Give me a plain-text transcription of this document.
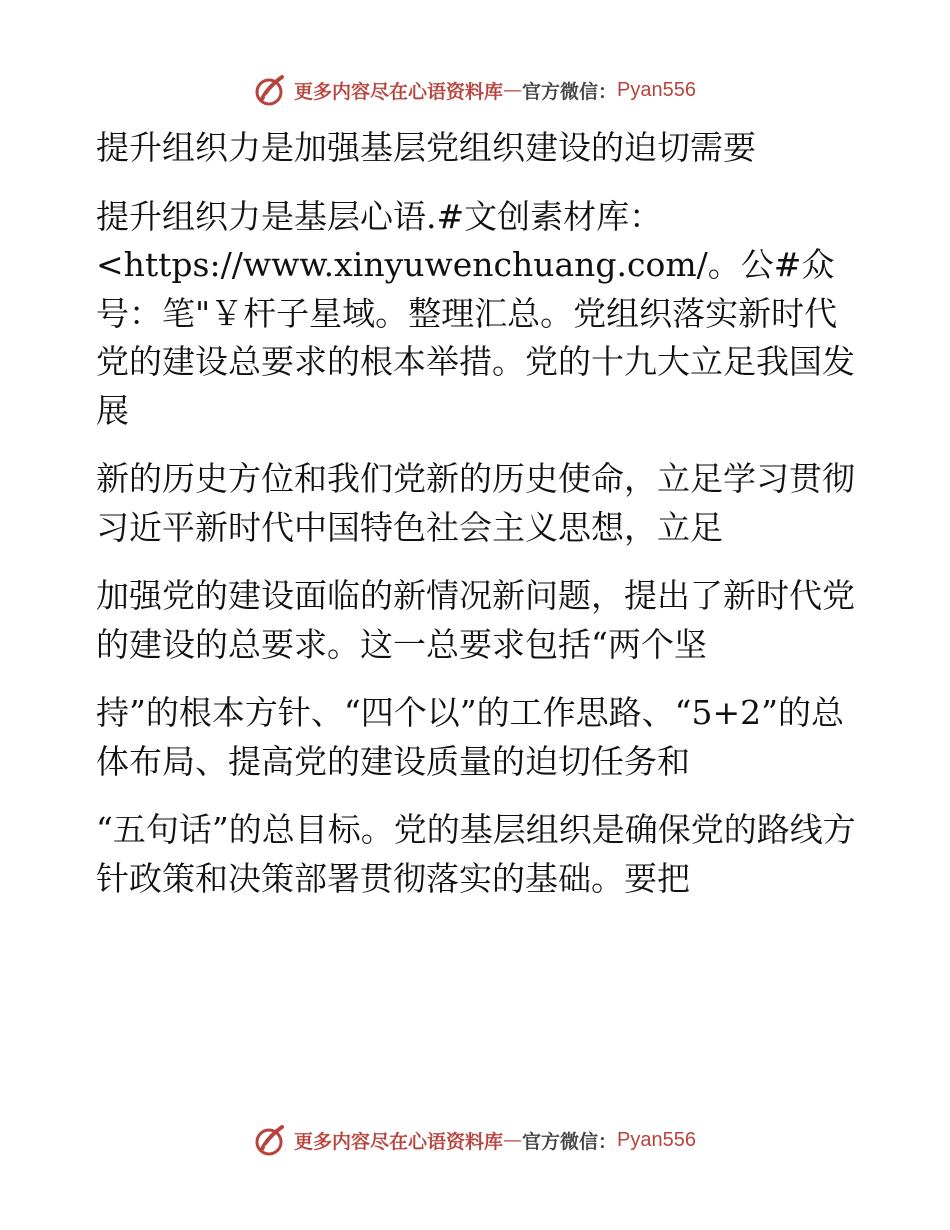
更多内容尽在心语资料库 — 官方微信： Pyan556

提升组织力是加强基层党组织建设的迫切需要

提升组织力是基层心语.#文创素材库：<https://www.xinyuwenchuang.com/。公#众号：笔"￥杆子星域。整理汇总。党组织落实新时代党的建设总要求的根本举措。党的十九大立足我国发展

新的历史方位和我们党新的历史使命，立足学习贯彻习近平新时代中国特色社会主义思想，立足

加强党的建设面临的新情况新问题，提出了新时代党的建设的总要求。这一总要求包括“两个坚

持”的根本方针、“四个以”的工作思路、“5+2”的总体布局、提高党的建设质量的迫切任务和

“五句话”的总目标。党的基层组织是确保党的路线方针政策和决策部署贯彻落实的基础。要把

更多内容尽在心语资料库 — 官方微信： Pyan556
